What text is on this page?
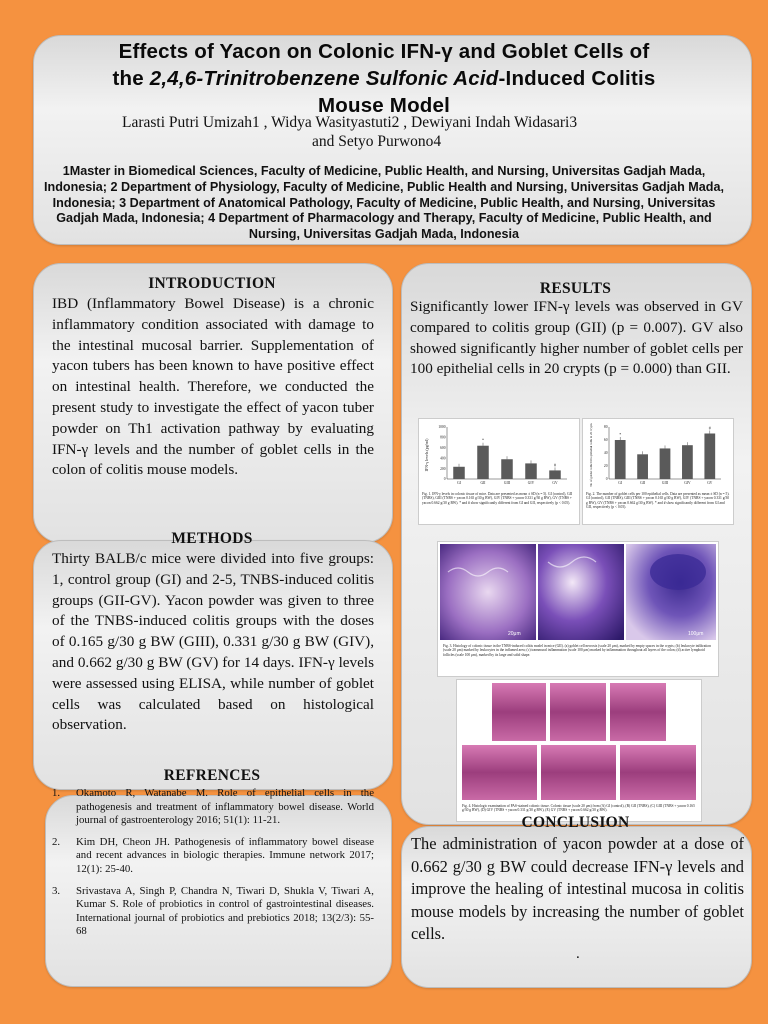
Effects of Yacon on Colonic IFN-γ and Goblet Cells of
the 2,4,6-Trinitrobenzene Sulfonic Acid-Induced Colitis
Mouse Model
Larasti Putri Umizah1 , Widya Wasityastuti2 , Dewiyani Indah Widasari3
and Setyo Purwono4
1Master in Biomedical Sciences, Faculty of Medicine, Public Health, and Nursing, Universitas Gadjah Mada, Indonesia; 2 Department of Physiology, Faculty of Medicine, Public Health and Nursing, Universitas Gadjah Mada, Indonesia; 3 Department of Anatomical Pathology, Faculty of Medicine, Public Health, and Nursing, Universitas Gadjah Mada, Indonesia; 4 Department of Pharmacology and Therapy, Faculty of Medicine, Public Health, and Nursing, Universitas Gadjah Mada, Indonesia
INTRODUCTION
IBD (Inflammatory Bowel Disease) is a chronic inflammatory condition associated with damage to the intestinal mucosal barrier. Supplementation of yacon tubers has been known to have positive effect on intestinal health. Therefore, we conducted the present study to investigate the effect of yacon tuber powder on Th1 activation pathway by evaluating IFN-γ levels and the number of goblet cells in the colon of colitis mouse models.
METHODS
Thirty BALB/c mice were divided into five groups: 1, control group (GI) and 2-5, TNBS-induced colitis groups (GII-GV). Yacon powder was given to three of the TNBS-induced colitis groups with the doses of 0.165 g/30 g BW (GIII), 0.331 g/30 g BW (GIV), and 0.662 g/30 g BW (GV) for 14 days. IFN-γ levels were assessed using ELISA, while number of goblet cells was calculated based on histological observation.
REFRENCES
1. Okamoto R, Watanabe M. Role of epithelial cells in the pathogenesis and treatment of inflammatory bowel disease. World journal of gastroenterology 2016; 51(1): 11-21.
2. Kim DH, Cheon JH. Pathogenesis of inflammatory bowel disease and recent advances in biologic therapies. Immune network 2017; 12(1): 25-40.
3. Srivastava A, Singh P, Chandra N, Tiwari D, Shukla V, Tiwari A, Kumar S. Role of probiotics in control of gastrointestinal diseases. International journal of probiotics and prebiotics 2018; 13(2/3): 55-68
RESULTS
Significantly lower IFN-γ levels was observed in GV compared to colitis group (GII) (p = 0.007). GV also showed significantly higher number of goblet cells per 100 epithelial cells in 20 crypts (p = 0.000) than GII.
IFN-γ levels (pg/ml)
0
200
400
600
800
1000
GI	GII
*
GIII	GIV	GV
#
Fig. 1. IFN-γ levels in colonic tissue of mice. Data are presented as mean ± SD (n = 5). GI (control), GII (TNBS), GIII (TNBS + yacon 0.165 g/30 g BW), GIV (TNBS + yacon 0.331 g/30 g BW), GV (TNBS + yacon 0.662 g/30 g BW). * and # show significantly different from GI and GII, respectively (p < 0.05).
No of goblet cells/100 epithelial cells in 20 crypts	0
20
40
60
80
GI
*
GII	GIII	GIV	GV
#
Fig. 2. The number of goblet cells per 100 epithelial cells. Data are presented as mean ± SD (n = 5). GI (control), GII (TNBS), GIII (TNBS + yacon 0.165 g/30 g BW), GIV (TNBS + yacon 0.331 g/30 g BW), GV (TNBS + yacon 0.662 g/30 g BW). * and # show significantly different from GI and GII, respectively (p < 0.05).
20μm	100μm
Fig. 3. Histology of colonic tissue in the TNBS-induced colitis model in mice (GII). (a) goblet cell necrosis (scale 20 μm), marked by empty spaces in the crypts; (b) leukocyte infiltration (scale 20 μm) marked by leukocytes in the inflamed area; (c) transmural inflammation (scale 100 μm) marked by inflammation throughout all layers of the colon; (d) active lymphoid follicles (scale 100 μm), marked by its large and solid shape.
Fig. 4. Histologic examination of PAS-stained colonic tissue. Colonic tissue (scale 20 μm) from (A) GI (control), (B) GII (TNBS), (C) GIII (TNBS + yacon 0.165 g/30 g BW), (D) GIV (TNBS + yacon 0.331 g/30 g BW), (E) GV (TNBS + yacon 0.662 g/30 g BW).
CONCLUSION
The administration of yacon powder at a dose of 0.662 g/30 g BW could decrease IFN-γ levels and improve the healing of intestinal mucosa in colitis mouse models by increasing the number of goblet cells.
.
